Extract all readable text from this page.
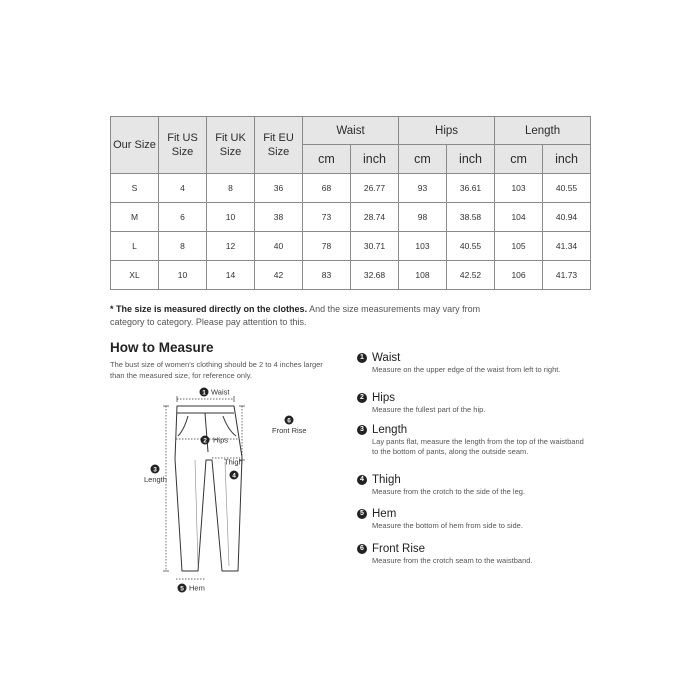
Our Size	Fit US Size	Fit UK Size	Fit EU Size	Waist		Hips		Length	
				cm	inch	cm	inch	cm	inch
S	4	8	36	68	26.77	93	36.61	103	40.55
M	6	10	38	73	28.74	98	38.58	104	40.94
L	8	12	40	78	30.71	103	40.55	105	41.34
XL	10	14	42	83	32.68	108	42.52	106	41.73
* The size is measured directly on the clothes. And the size measurements may vary from category to category. Please pay attention to this.
How to Measure
The bust size of women's clothing should be 2 to 4 inches larger than the measured size, for reference only.
1 Waist
2 Hips
3
Length
Thigh
4
6
Front Rise
5 Hem
1 Waist
Measure on the upper edge of the waist from left to right.
2 Hips
Measure the fullest part of the hip.
3 Length
Lay pants flat, measure the length from the top of the waistband to the bottom of pants, along the outside seam.
4 Thigh
Measure from the crotch to the side of the leg.
5 Hem
Measure the bottom of hem from side to side.
6 Front Rise
Measure from the crotch seam to the waistband.
